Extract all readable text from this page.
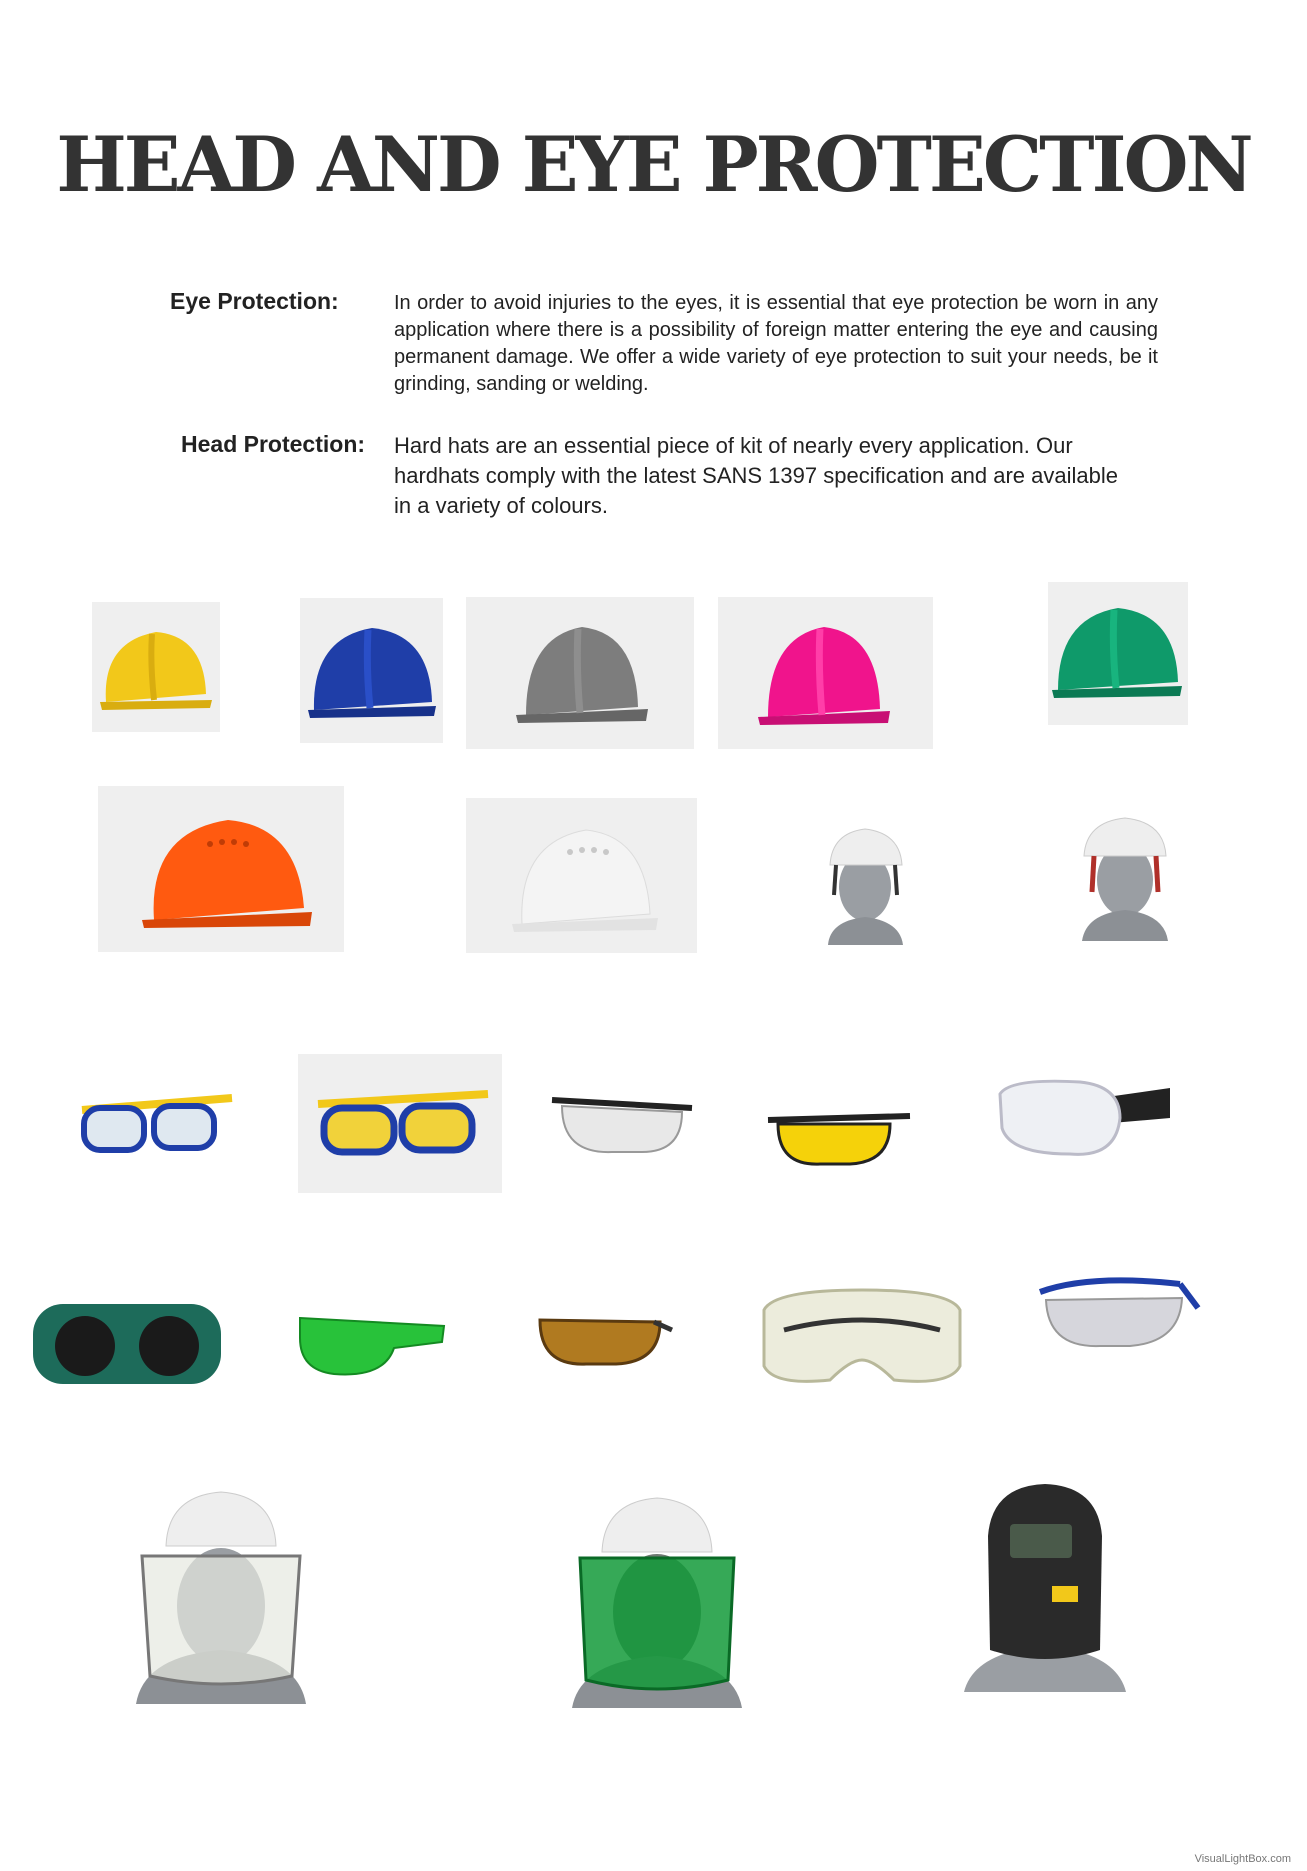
HEAD AND EYE PROTECTION
Eye Protection:	In order to avoid injuries to the eyes, it is essential that eye protection be worn in any application where there is a possibility of foreign matter entering the eye and causing permanent damage. We offer a wide variety of eye protection to suit your needs, be it grinding, sanding or welding.
Head Protection: Hard hats are an essential piece of kit of nearly every application. Our hardhats comply with the latest SANS 1397 specification and are available in a variety of colours.
VisualLightBox.com
